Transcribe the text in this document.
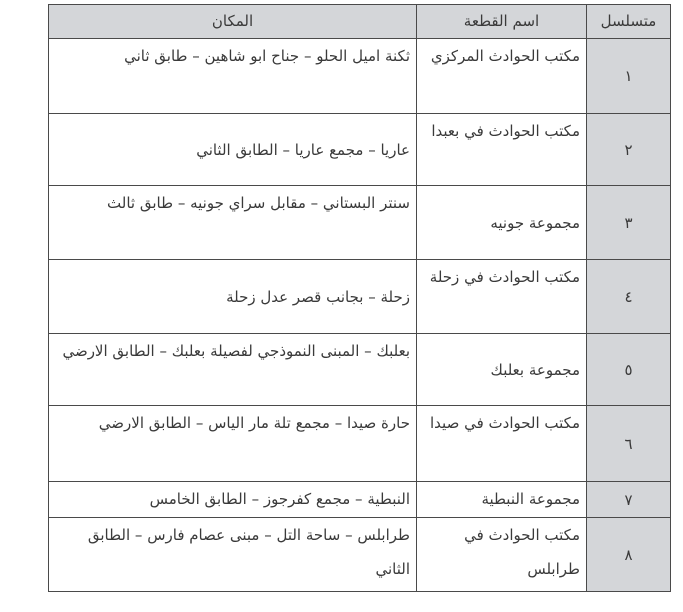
متسلسل	اسم القطعة	المكان
١	مكتب الحوادث المركزي	ثكنة اميل الحلو – جناح ابو شاهين – طابق ثاني
٢	مكتب الحوادث في بعبدا	عاريا – مجمع عاريا – الطابق الثاني
٣	مجموعة جونيه	سنتر البستاني – مقابل سراي جونيه – طابق ثالث
٤	مكتب الحوادث في زحلة	زحلة – بجانب قصر عدل زحلة
٥	مجموعة بعلبك	بعلبك – المبنى النموذجي لفصيلة بعلبك – الطابق الارضي
٦	مكتب الحوادث في صيدا	حارة صيدا – مجمع تلة مار الياس – الطابق الارضي
٧	مجموعة النبطية	النبطية – مجمع كفرجوز – الطابق الخامس
٨	مكتب الحوادث في طرابلس	طرابلس – ساحة التل – مبنى عصام فارس – الطابق الثاني
